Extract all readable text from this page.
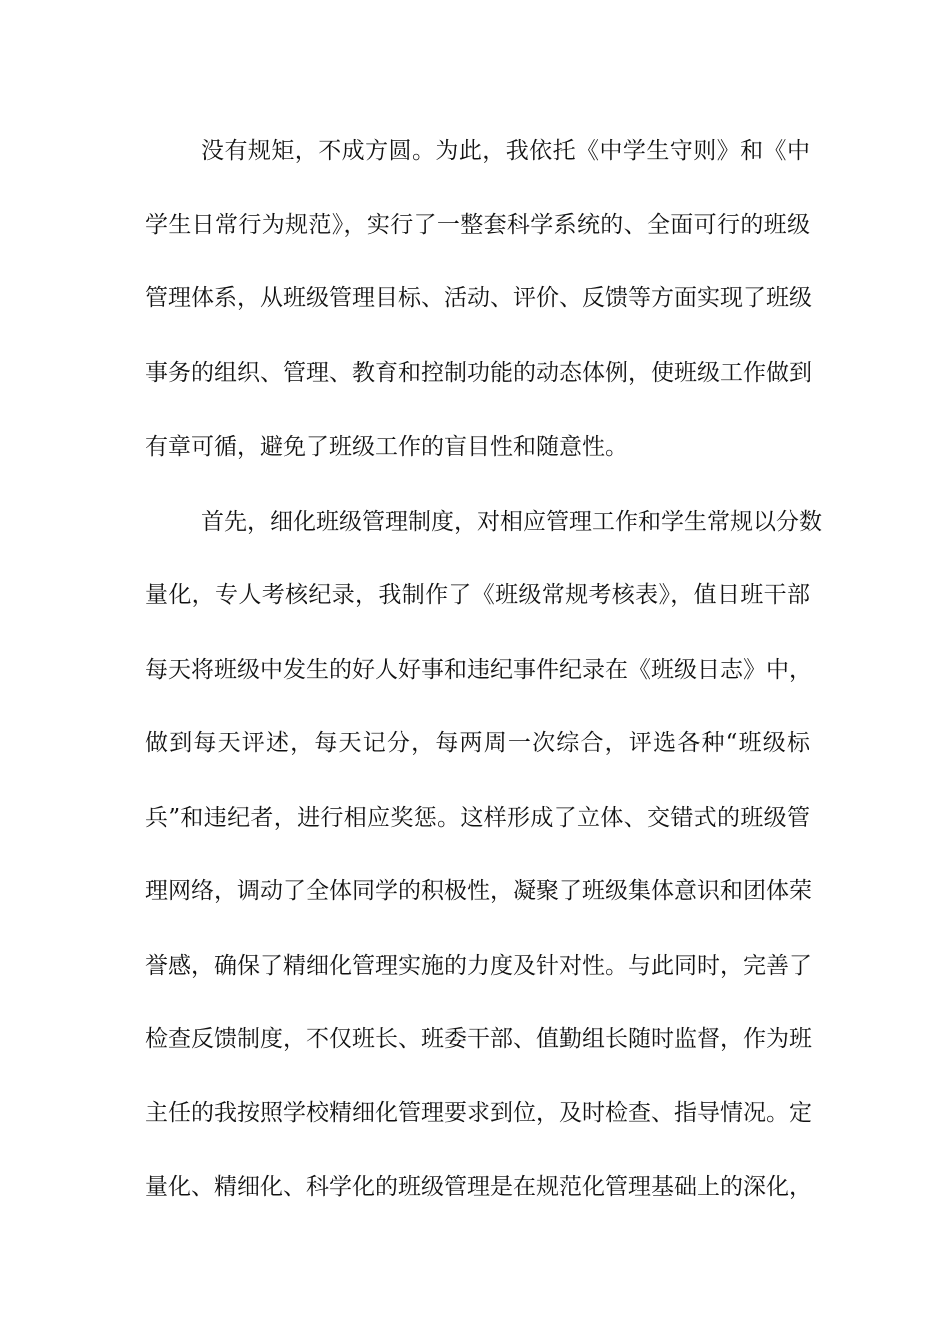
没有规矩，不成方圆。为此，我依托《中学生守则》和《中
学生日常行为规范》，实行了一整套科学系统的、全面可行的班级
管理体系，从班级管理目标、活动、评价、反馈等方面实现了班级
事务的组织、管理、教育和控制功能的动态体例，使班级工作做到
有章可循，避免了班级工作的盲目性和随意性。
首先，细化班级管理制度，对相应管理工作和学生常规以分数
量化，专人考核纪录，我制作了《班级常规考核表》，值日班干部
每天将班级中发生的好人好事和违纪事件纪录在《班级日志》中，
做到每天评述，每天记分，每两周一次综合，评选各种“班级标
兵”和违纪者，进行相应奖惩。这样形成了立体、交错式的班级管
理网络，调动了全体同学的积极性，凝聚了班级集体意识和团体荣
誉感，确保了精细化管理实施的力度及针对性。与此同时，完善了
检查反馈制度，不仅班长、班委干部、值勤组长随时监督，作为班
主任的我按照学校精细化管理要求到位，及时检查、指导情况。定
量化、精细化、科学化的班级管理是在规范化管理基础上的深化，
